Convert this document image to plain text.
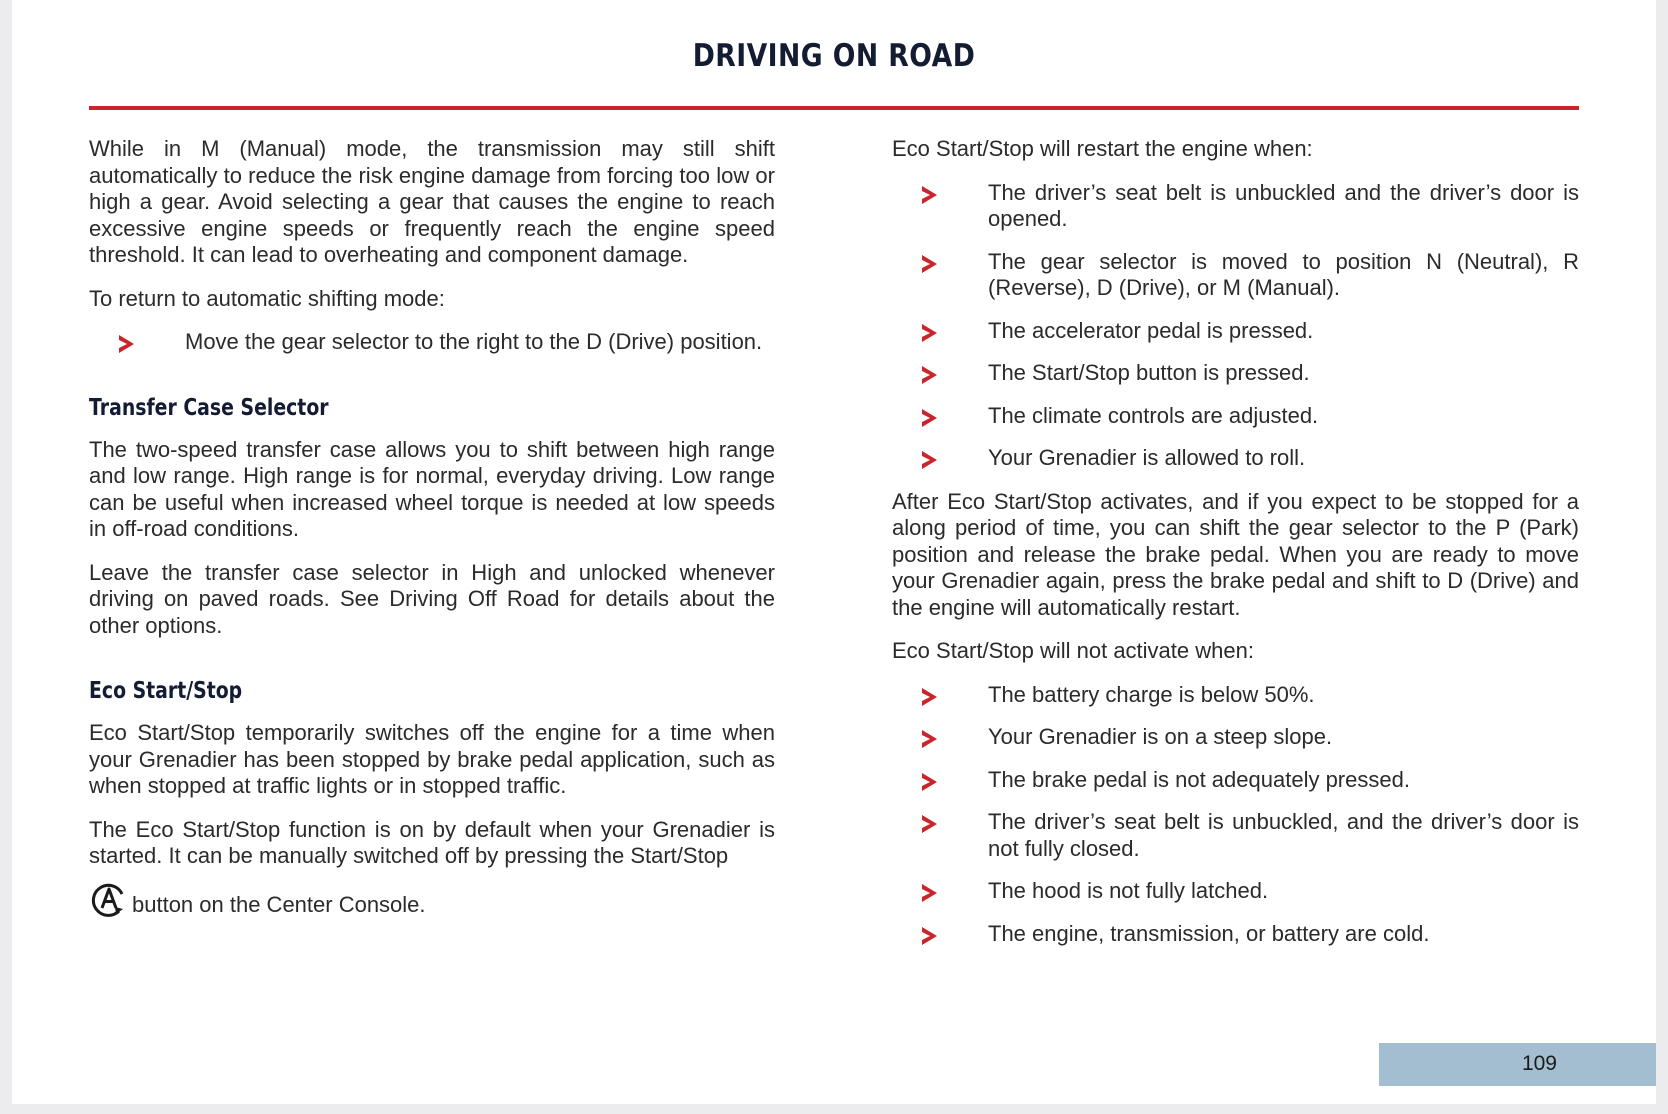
DRIVING ON ROAD

While in M (Manual) mode, the transmission may still shift automatically to reduce the risk engine damage from forcing too low or high a gear. Avoid selecting a gear that causes the engine to reach excessive engine speeds or frequently reach the engine speed threshold. It can lead to overheating and component damage.

To return to automatic shifting mode:

Move the gear selector to the right to the D (Drive) position.
Transfer Case Selector

The two-speed transfer case allows you to shift between high range and low range. High range is for normal, everyday driving. Low range can be useful when increased wheel torque is needed at low speeds in off-road conditions.

Leave the transfer case selector in High and unlocked whenever driving on paved roads. See Driving Off Road for details about the other options.

Eco Start/Stop

Eco Start/Stop temporarily switches off the engine for a time when your Grenadier has been stopped by brake pedal application, such as when stopped at traffic lights or in stopped traffic.

The Eco Start/Stop function is on by default when your Grenadier is started. It can be manually switched off by pressing the Start/Stop

button on the Center Console.

Eco Start/Stop will restart the engine when:

The driver’s seat belt is unbuckled and the driver’s door is opened.
The gear selector is moved to position N (Neutral), R (Reverse), D (Drive), or M (Manual).
The accelerator pedal is pressed.
The Start/Stop button is pressed.
The climate controls are adjusted.
Your Grenadier is allowed to roll.

After Eco Start/Stop activates, and if you expect to be stopped for a along period of time, you can shift the gear selector to the P (Park) position and release the brake pedal. When you are ready to move your Grenadier again, press the brake pedal and shift to D (Drive) and the engine will automatically restart.

Eco Start/Stop will not activate when:

The battery charge is below 50%.
Your Grenadier is on a steep slope.
The brake pedal is not adequately pressed.
The driver’s seat belt is unbuckled, and the driver’s door is not fully closed.
The hood is not fully latched.
The engine, transmission, or battery are cold.
109
